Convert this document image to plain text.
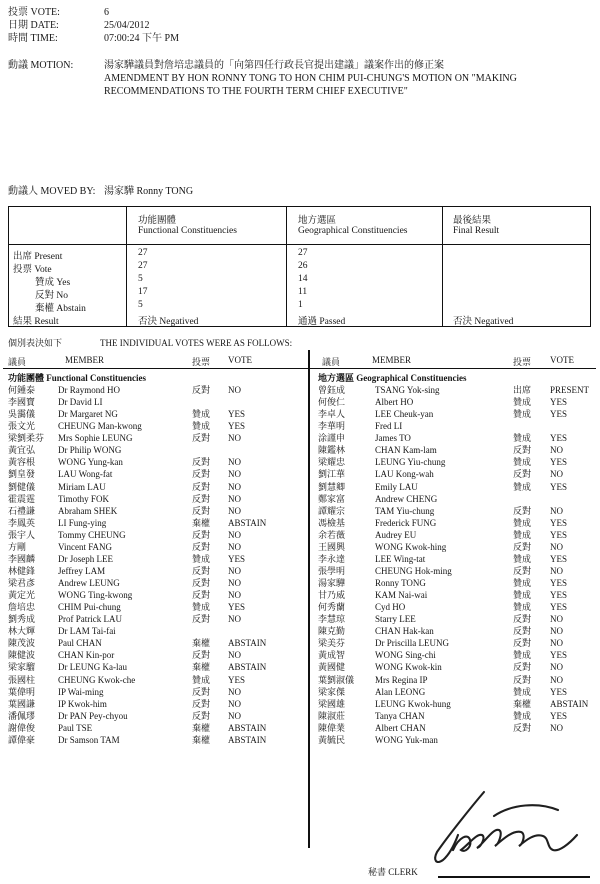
投票 VOTE:	6
日期 DATE:	25/04/2012
時間 TIME:	07:00:24 下午 PM
動議 MOTION:	湯家驊議員對詹培忠議員的「向第四任行政長官提出建議」議案作出的修正案
AMENDMENT BY HON RONNY TONG TO HON CHIM PUI-CHUNG'S MOTION ON "MAKING
RECOMMENDATIONS TO THE FOURTH TERM CHIEF EXECUTIVE"
動議人 MOVED BY: 湯家驊 Ronny TONG
功能團體
Functional Constituencies
地方選區
Geographical Constituencies
最後結果
Final Result
出席 Present	27	27
投票 Vote	27	26
贊成 Yes	5	14
反對 No	17	11
棄權 Abstain	5	1
結果 Result	否決 Negatived	通過 Passed	否決 Negatived
個別表決如下	THE INDIVIDUAL VOTES WERE AS FOLLOWS:
議員	MEMBER	投票 VOTE	議員	MEMBER	投票 VOTE
功能團體 Functional Constituencies	地方選區 Geographical Constituencies
何鍾泰	Dr Raymond HO	反對 NO
李國寶	Dr David LI
吳靄儀	Dr Margaret NG	贊成 YES
張文光	CHEUNG Man-kwong	贊成 YES
梁劉柔芬 Mrs Sophie LEUNG	反對 NO
黃宜弘	Dr Philip WONG
黃容根	WONG Yung-kan	反對 NO
劉皇發	LAU Wong-fat	反對 NO
劉健儀	Miriam LAU	反對 NO
霍震霆	Timothy FOK	反對 NO
石禮謙	Abraham SHEK	反對 NO
李鳳英	LI Fung-ying	棄權 ABSTAIN
張宇人	Tommy CHEUNG	反對 NO
方剛	Vincent FANG	反對 NO
李國麟	Dr Joseph LEE	贊成 YES
林健鋒	Jeffrey LAM	反對 NO
梁君彥	Andrew LEUNG	反對 NO
黃定光	WONG Ting-kwong	反對 NO
詹培忠	CHIM Pui-chung	贊成 YES
劉秀成	Prof Patrick LAU	反對 NO
林大輝	Dr LAM Tai-fai
陳茂波	Paul CHAN	棄權 ABSTAIN
陳健波	CHAN Kin-por	反對 NO
梁家騮	Dr LEUNG Ka-lau	棄權 ABSTAIN
張國柱	CHEUNG Kwok-che	贊成 YES
葉偉明	IP Wai-ming	反對 NO
葉國謙	IP Kwok-him	反對 NO
潘佩璆	Dr PAN Pey-chyou	反對 NO
謝偉俊	Paul TSE	棄權 ABSTAIN
譚偉豪	Dr Samson TAM	棄權 ABSTAIN
曾鈺成	TSANG Yok-sing	出席 PRESENT
何俊仁	Albert HO	贊成 YES
李卓人	LEE Cheuk-yan	贊成 YES
李華明	Fred LI
涂謹申	James TO	贊成 YES
陳鑑林	CHAN Kam-lam	反對 NO
梁耀忠	LEUNG Yiu-chung	贊成 YES
劉江華	LAU Kong-wah	反對 NO
劉慧卿	Emily LAU	贊成 YES
鄭家富	Andrew CHENG
譚耀宗	TAM Yiu-chung	反對 NO
馮檢基	Frederick FUNG	贊成 YES
余若薇	Audrey EU	贊成 YES
王國興	WONG Kwok-hing	反對 NO
李永達	LEE Wing-tat	贊成 YES
張學明	CHEUNG Hok-ming	反對 NO
湯家驊	Ronny TONG	贊成 YES
甘乃威	KAM Nai-wai	贊成 YES
何秀蘭	Cyd HO	贊成 YES
李慧琼	Starry LEE	反對 NO
陳克勤	CHAN Hak-kan	反對 NO
梁美芬	Dr Priscilla LEUNG	反對 NO
黃成智	WONG Sing-chi	贊成 YES
黃國健	WONG Kwok-kin	反對 NO
葉劉淑儀 Mrs Regina IP	反對 NO
梁家傑	Alan LEONG	贊成 YES
梁國雄	LEUNG Kwok-hung	棄權 ABSTAIN
陳淑莊	Tanya CHAN	贊成 YES
陳偉業	Albert CHAN	反對 NO
黃毓民	WONG Yuk-man
秘書 CLERK
